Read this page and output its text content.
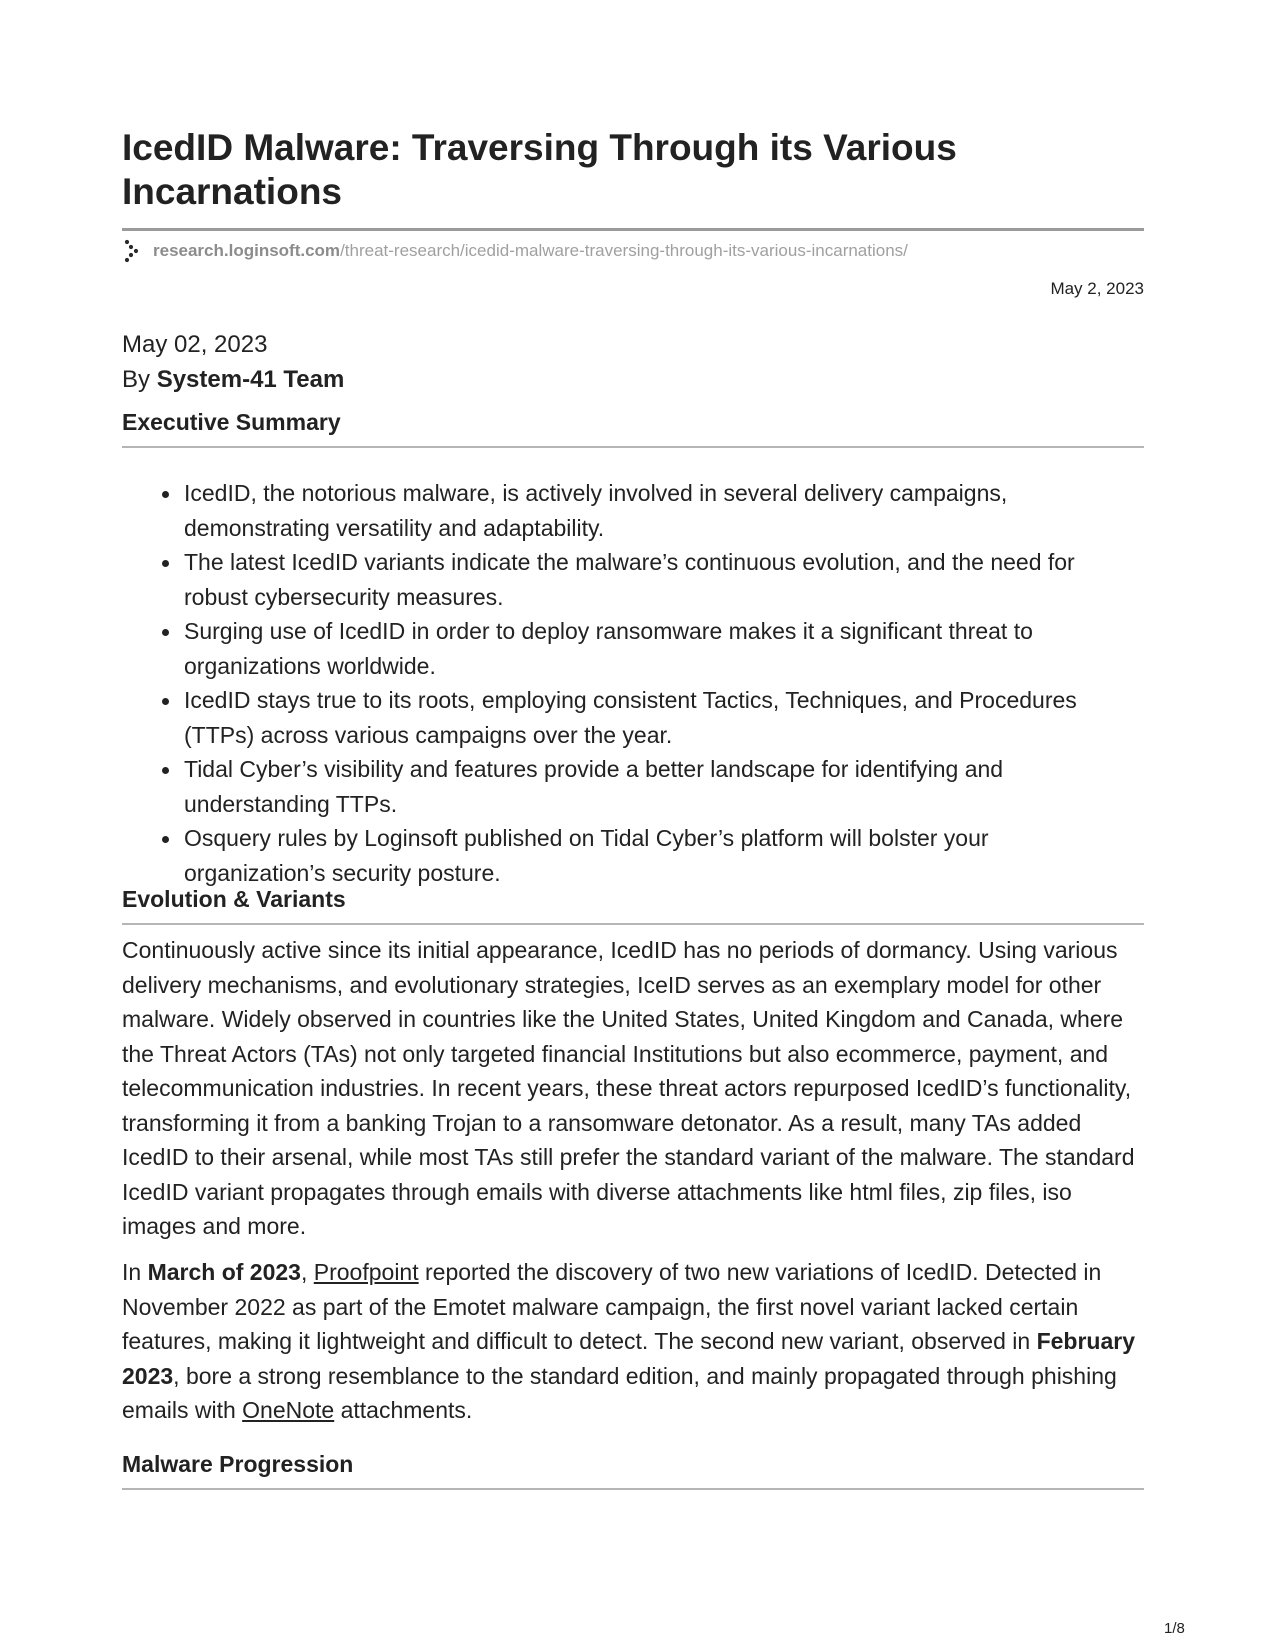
IcedID Malware: Traversing Through its Various Incarnations
research.loginsoft.com /threat-research/icedid-malware-traversing-through-its-various-incarnations/
May 2, 2023
May 02, 2023
By System-41 Team
Executive Summary
IcedID, the notorious malware, is actively involved in several delivery campaigns, demonstrating versatility and adaptability.
The latest IcedID variants indicate the malware’s continuous evolution, and the need for robust cybersecurity measures.
Surging use of IcedID in order to deploy ransomware makes it a significant threat to organizations worldwide.
IcedID stays true to its roots, employing consistent Tactics, Techniques, and Procedures (TTPs) across various campaigns over the year.
Tidal Cyber’s visibility and features provide a better landscape for identifying and understanding TTPs.
Osquery rules by Loginsoft published on Tidal Cyber’s platform will bolster your organization’s security posture.
Evolution & Variants

Continuously active since its initial appearance, IcedID has no periods of dormancy. Using various delivery mechanisms, and evolutionary strategies, IceID serves as an exemplary model for other malware. Widely observed in countries like the United States, United Kingdom and Canada, where the Threat Actors (TAs) not only targeted financial Institutions but also ecommerce, payment, and telecommunication industries. In recent years, these threat actors repurposed IcedID’s functionality, transforming it from a banking Trojan to a ransomware detonator. As a result, many TAs added IcedID to their arsenal, while most TAs still prefer the standard variant of the malware. The standard IcedID variant propagates through emails with diverse attachments like html files, zip files, iso images and more.

In March of 2023, Proofpoint reported the discovery of two new variations of IcedID. Detected in November 2022 as part of the Emotet malware campaign, the first novel variant lacked certain features, making it lightweight and difficult to detect. The second new variant, observed in February 2023, bore a strong resemblance to the standard edition, and mainly propagated through phishing emails with OneNote attachments.

Malware Progression
1/8
